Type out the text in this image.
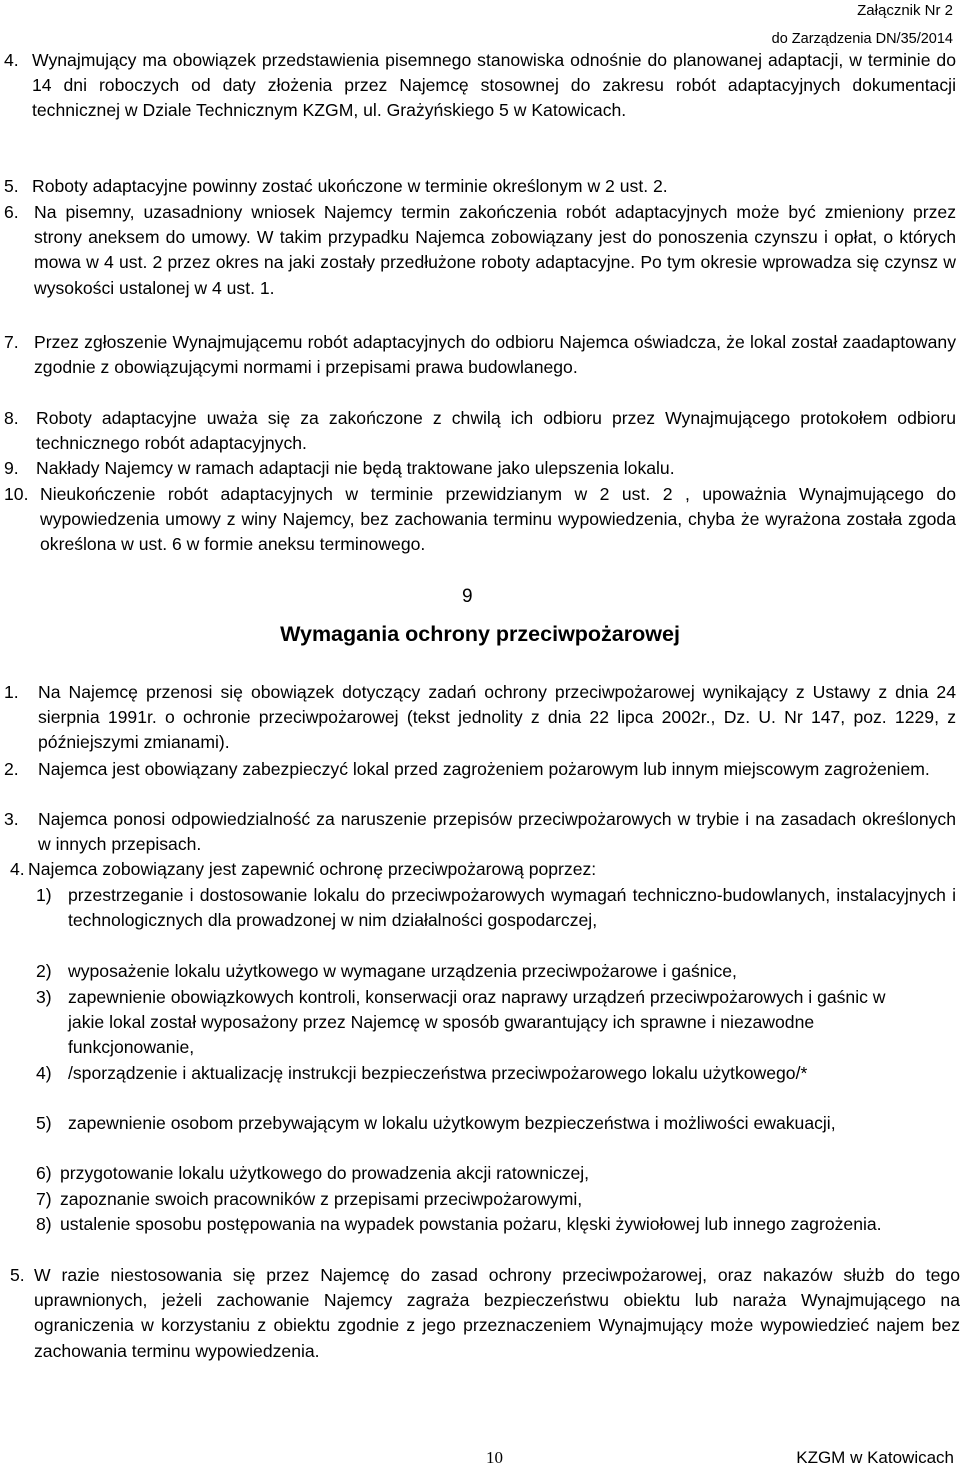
Załącznik Nr 2
do Zarządzenia DN/35/2014
4. Wynajmujący ma obowiązek przedstawienia pisemnego stanowiska odnośnie do planowanej adaptacji, w terminie do 14 dni roboczych od daty złożenia przez Najemcę stosownej do zakresu robót adaptacyjnych dokumentacji technicznej w Dziale Technicznym KZGM, ul. Grażyńskiego 5 w Katowicach.
5. Roboty adaptacyjne powinny zostać ukończone w terminie określonym w 2 ust. 2.
6. Na pisemny, uzasadniony wniosek Najemcy termin zakończenia robót adaptacyjnych może być zmieniony przez strony aneksem do umowy. W takim przypadku Najemca zobowiązany jest do ponoszenia czynszu i opłat, o których mowa w 4 ust. 2 przez okres na jaki zostały przedłużone roboty adaptacyjne. Po tym okresie wprowadza się czynsz w wysokości ustalonej w 4 ust. 1.
7. Przez zgłoszenie Wynajmującemu robót adaptacyjnych do odbioru Najemca oświadcza, że lokal został zaadaptowany zgodnie z obowiązującymi normami i przepisami prawa budowlanego.
8. Roboty adaptacyjne uważa się za zakończone z chwilą ich odbioru przez Wynajmującego protokołem odbioru technicznego robót adaptacyjnych.
9. Nakłady Najemcy w ramach adaptacji nie będą traktowane jako ulepszenia lokalu.
10. Nieukończenie robót adaptacyjnych w terminie przewidzianym w 2 ust. 2 , upoważnia Wynajmującego do wypowiedzenia umowy z winy Najemcy, bez zachowania terminu wypowiedzenia, chyba że wyrażona została zgoda określona w ust. 6 w formie aneksu terminowego.
9
Wymagania ochrony przeciwpożarowej
1.	Na Najemcę przenosi się obowiązek dotyczący zadań ochrony przeciwpożarowej wynikający z Ustawy z dnia 24 sierpnia 1991r. o ochronie przeciwpożarowej (tekst jednolity z dnia 22 lipca 2002r., Dz. U. Nr 147, poz. 1229, z późniejszymi zmianami).
2.	Najemca jest obowiązany zabezpieczyć lokal przed zagrożeniem pożarowym lub innym miejscowym zagrożeniem.
3.	Najemca ponosi odpowiedzialność za naruszenie przepisów przeciwpożarowych w trybie i na zasadach określonych w innych przepisach.
4. Najemca zobowiązany jest zapewnić ochronę przeciwpożarową poprzez:
1) przestrzeganie i dostosowanie lokalu do przeciwpożarowych wymagań techniczno-budowlanych, instalacyjnych i technologicznych dla prowadzonej w nim działalności gospodarczej,
2) wyposażenie lokalu użytkowego w wymagane urządzenia przeciwpożarowe i gaśnice,
3) zapewnienie obowiązkowych kontroli, konserwacji oraz naprawy urządzeń przeciwpożarowych i gaśnic w jakie lokal został wyposażony przez Najemcę w sposób gwarantujący ich sprawne i niezawodne funkcjonowanie,
4) /sporządzenie i aktualizację instrukcji bezpieczeństwa przeciwpożarowego lokalu użytkowego/*
5) zapewnienie osobom przebywającym w lokalu użytkowym bezpieczeństwa i możliwości ewakuacji,
6) przygotowanie lokalu użytkowego do prowadzenia akcji ratowniczej,
7) zapoznanie swoich pracowników z przepisami przeciwpożarowymi,
8) ustalenie sposobu postępowania na wypadek powstania pożaru, klęski żywiołowej lub innego zagrożenia.
5. W razie niestosowania się przez Najemcę do zasad ochrony przeciwpożarowej, oraz nakazów służb do tego uprawnionych, jeżeli zachowanie Najemcy zagraża bezpieczeństwu obiektu lub naraża Wynajmującego na ograniczenia w korzystaniu z obiektu zgodnie z jego przeznaczeniem Wynajmujący może wypowiedzieć najem bez zachowania terminu wypowiedzenia.
10	KZGM w Katowicach
